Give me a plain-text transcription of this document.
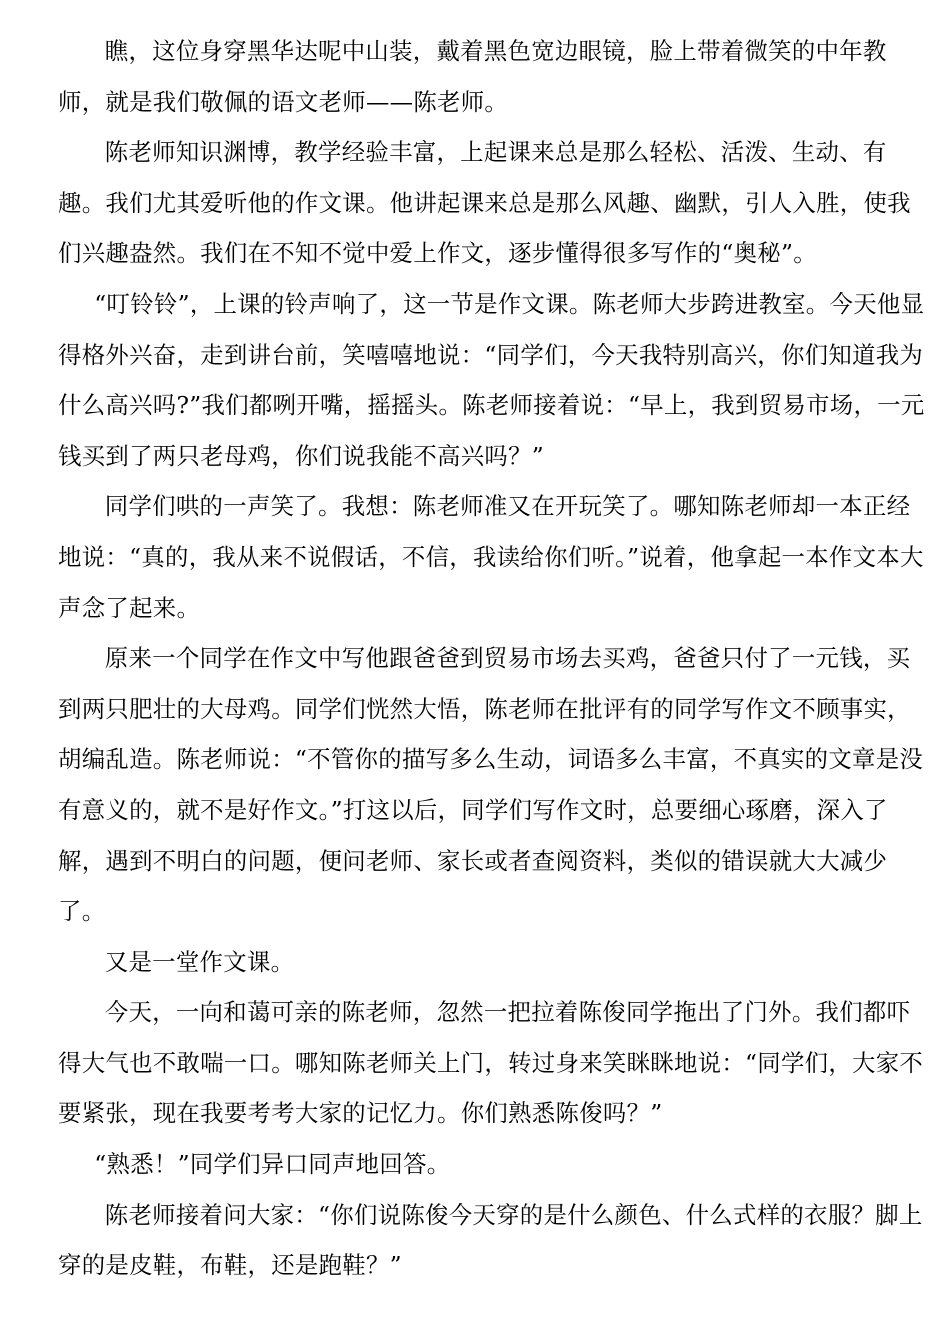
瞧，这位身穿黑华达呢中山装，戴着黑色宽边眼镜，脸上带着微笑的中年教师，就是我们敬佩的语文老师——陈老师。

陈老师知识渊博，教学经验丰富，上起课来总是那么轻松、活泼、生动、有趣。我们尤其爱听他的作文课。他讲起课来总是那么风趣、幽默，引人入胜，使我们兴趣盎然。我们在不知不觉中爱上作文，逐步懂得很多写作的“奥秘”。

“叮铃铃”，上课的铃声响了，这一节是作文课。陈老师大步跨进教室。今天他显得格外兴奋，走到讲台前，笑嘻嘻地说：“同学们，今天我特别高兴，你们知道我为什么高兴吗?”我们都咧开嘴，摇摇头。陈老师接着说：“早上，我到贸易市场，一元钱买到了两只老母鸡，你们说我能不高兴吗？”

同学们哄的一声笑了。我想：陈老师准又在开玩笑了。哪知陈老师却一本正经地说：“真的，我从来不说假话，不信，我读给你们听。”说着，他拿起一本作文本大声念了起来。

原来一个同学在作文中写他跟爸爸到贸易市场去买鸡，爸爸只付了一元钱，买到两只肥壮的大母鸡。同学们恍然大悟，陈老师在批评有的同学写作文不顾事实，胡编乱造。陈老师说：“不管你的描写多么生动，词语多么丰富，不真实的文章是没有意义的，就不是好作文。”打这以后，同学们写作文时，总要细心琢磨，深入了解，遇到不明白的问题，便问老师、家长或者查阅资料，类似的错误就大大减少了。

又是一堂作文课。

今天，一向和蔼可亲的陈老师，忽然一把拉着陈俊同学拖出了门外。我们都吓得大气也不敢喘一口。哪知陈老师关上门，转过身来笑眯眯地说：“同学们，大家不要紧张，现在我要考考大家的记忆力。你们熟悉陈俊吗？”

“熟悉！”同学们异口同声地回答。

陈老师接着问大家：“你们说陈俊今天穿的是什么颜色、什么式样的衣服？脚上穿的是皮鞋，布鞋，还是跑鞋？”
